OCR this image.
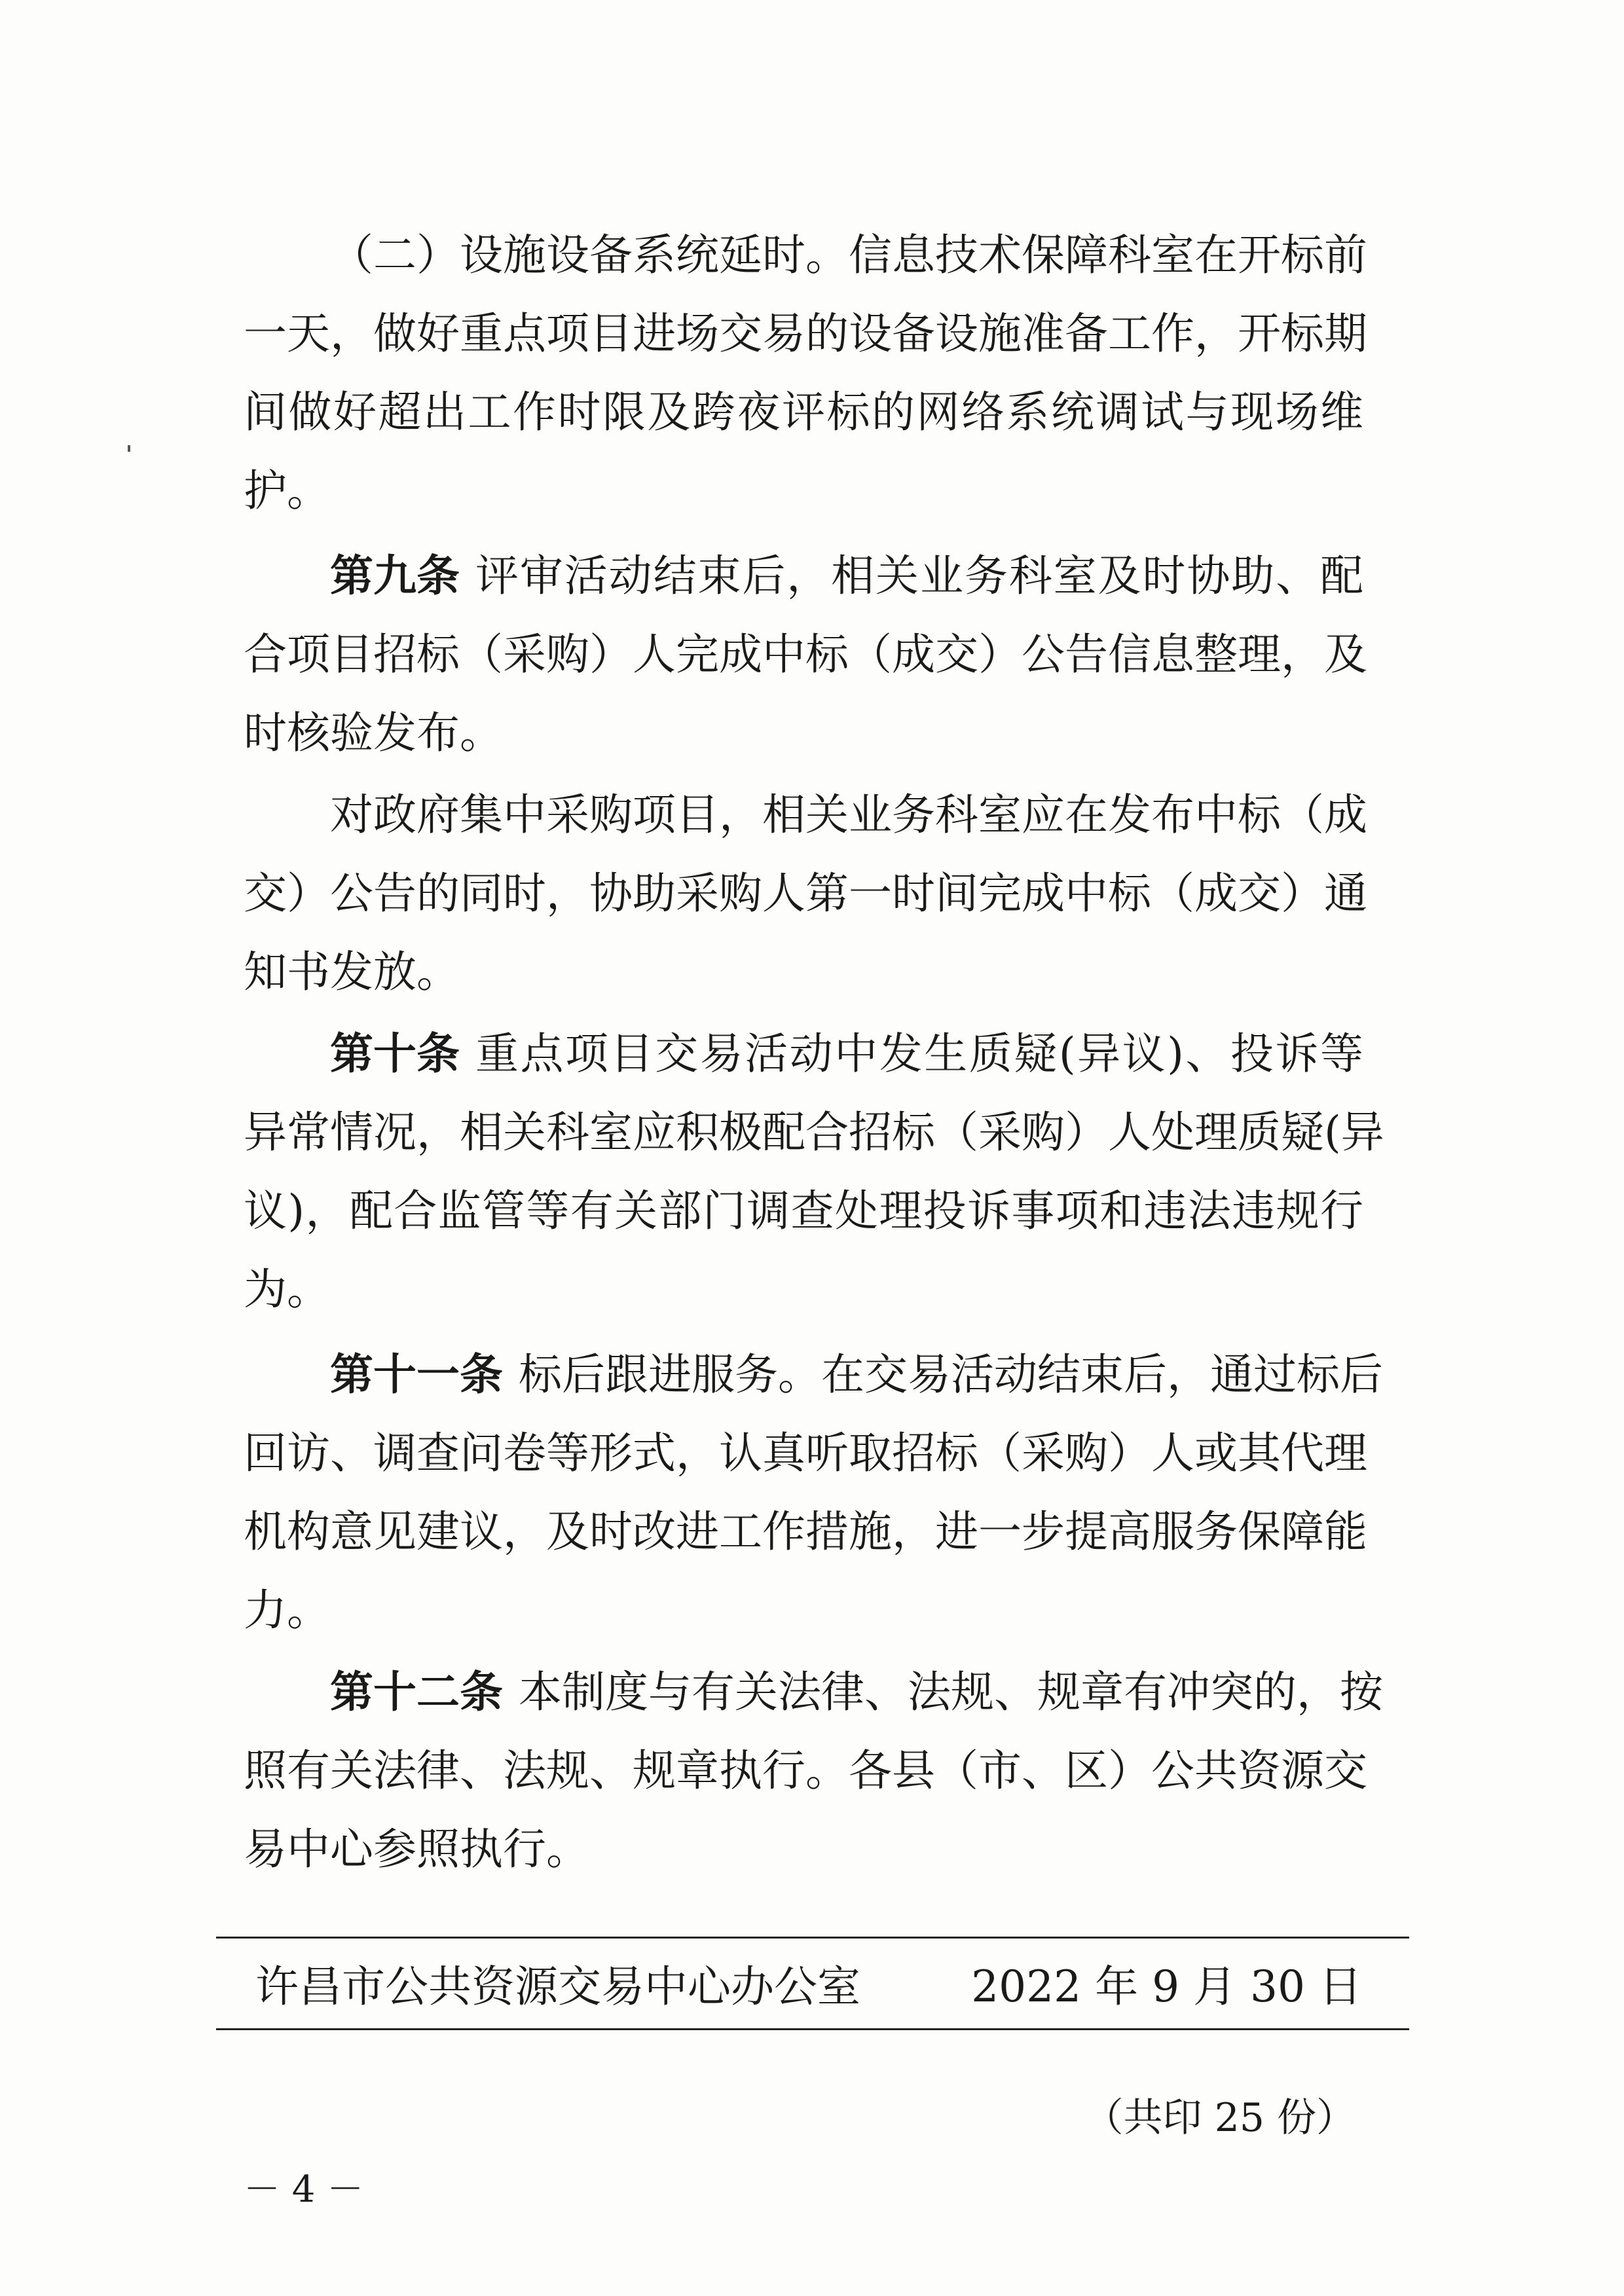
（二）设施设备系统延时。信息技术保障科室在开标前
一天，做好重点项目进场交易的设备设施准备工作，开标期
间做好超出工作时限及跨夜评标的网络系统调试与现场维
护。
第九条 评审活动结束后，相关业务科室及时协助、配
合项目招标（采购）人完成中标（成交）公告信息整理，及
时核验发布。
对政府集中采购项目，相关业务科室应在发布中标（成
交）公告的同时，协助采购人第一时间完成中标（成交）通
知书发放。
第十条 重点项目交易活动中发生质疑(异议)、投诉等
异常情况，相关科室应积极配合招标（采购）人处理质疑(异
议)，配合监管等有关部门调查处理投诉事项和违法违规行
为。
第十一条 标后跟进服务。在交易活动结束后，通过标后
回访、调查问卷等形式，认真听取招标（采购）人或其代理
机构意见建议，及时改进工作措施，进一步提高服务保障能
力。
第十二条 本制度与有关法律、法规、规章有冲突的，按
照有关法律、法规、规章执行。各县（市、区）公共资源交
易中心参照执行。
许昌市公共资源交易中心办公室	2022 年 9 月 30 日
（共印 25 份）
－ 4 －
